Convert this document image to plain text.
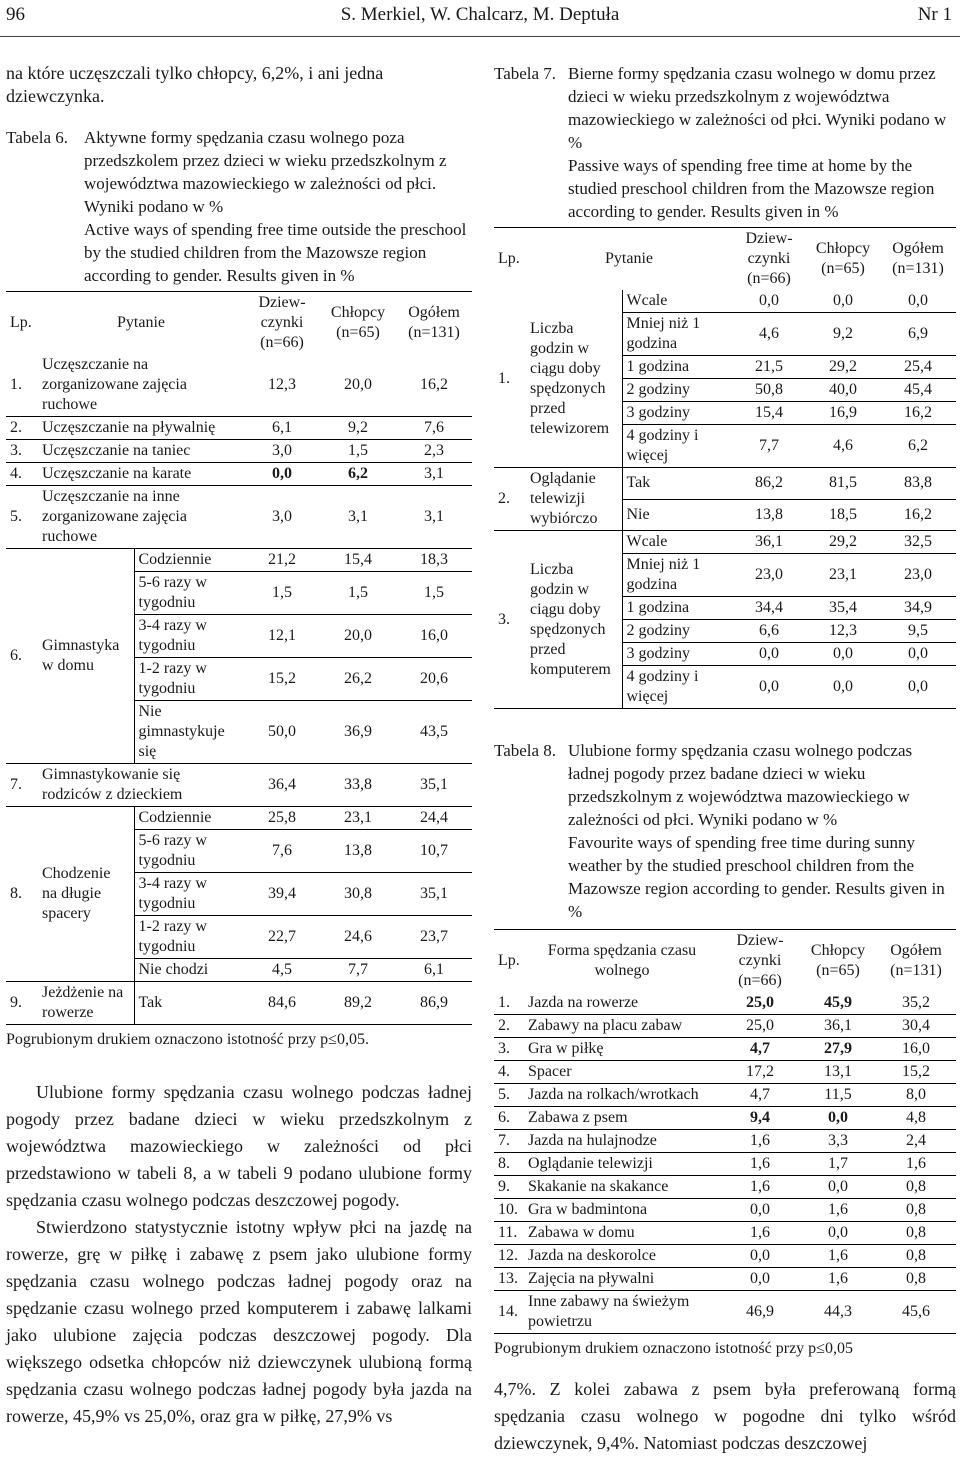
96	S. Merkiel, W. Chalcarz, M. Deptuła	Nr 1

na które uczęszczali tylko chłopcy, 6,2%, i ani jedna dziewczynka.

Tabela 6. Aktywne formy spędzania czasu wolnego poza przedszkolem przez dzieci w wieku przedszkolnym z województwa mazowieckiego w zależności od płci. Wyniki podano w %
Active ways of spending free time outside the preschool by the studied children from the Mazowsze region according to gender. Results given in %
Lp.	Pytanie		Dziew-czynki (n=66)	Chłopcy (n=65)	Ogółem (n=131)
1.	Uczęszczanie na zorganizowane zajęcia ruchowe		12,3	20,0	16,2
2.	Uczęszczanie na pływalnię		6,1	9,2	7,6
3.	Uczęszczanie na taniec		3,0	1,5	2,3
4.	Uczęszczanie na karate		0,0	6,2	3,1
5.	Uczęszczanie na inne zorganizowane zajęcia ruchowe		3,0	3,1	3,1
6.	Gimnastyka w domu	Codziennie	21,2	15,4	18,3
		5-6 razy w tygodniu	1,5	1,5	1,5
		3-4 razy w tygodniu	12,1	20,0	16,0
		1-2 razy w tygodniu	15,2	26,2	20,6
		Nie gimnastykuje się	50,0	36,9	43,5
7.	Gimnastykowanie się rodziców z dzieckiem		36,4	33,8	35,1
8.	Chodzenie na długie spacery	Codziennie	25,8	23,1	24,4
		5-6 razy w tygodniu	7,6	13,8	10,7
		3-4 razy w tygodniu	39,4	30,8	35,1
		1-2 razy w tygodniu	22,7	24,6	23,7
		Nie chodzi	4,5	7,7	6,1
9.	Jeżdżenie na rowerze	Tak	84,6	89,2	86,9

Pogrubionym drukiem oznaczono istotność przy p≤0,05.

Ulubione formy spędzania czasu wolnego podczas ładnej pogody przez badane dzieci w wieku przedszkolnym z województwa mazowieckiego w zależności od płci przedstawiono w tabeli 8, a w tabeli 9 podano ulubione formy spędzania czasu wolnego podczas deszczowej pogody.

Stwierdzono statystycznie istotny wpływ płci na jazdę na rowerze, grę w piłkę i zabawę z psem jako ulubione formy spędzania czasu wolnego podczas ładnej pogody oraz na spędzanie czasu wolnego przed komputerem i zabawę lalkami jako ulubione zajęcia podczas deszczowej pogody. Dla większego odsetka chłopców niż dziewczynek ulubioną formą spędzania czasu wolnego podczas ładnej pogody była jazda na rowerze, 45,9% vs 25,0%, oraz gra w piłkę, 27,9% vs

Tabela 7. Bierne formy spędzania czasu wolnego w domu przez dzieci w wieku przedszkolnym z województwa mazowieckiego w zależności od płci. Wyniki podano w %
Passive ways of spending free time at home by the studied preschool children from the Mazowsze region according to gender. Results given in %
Lp.	Pytanie		Dziew-czynki (n=66)	Chłopcy (n=65)	Ogółem (n=131)
1.	Liczba godzin w ciągu doby spędzonych przed telewizorem	Wcale	0,0	0,0	0,0
		Mniej niż 1 godzina	4,6	9,2	6,9
		1 godzina	21,5	29,2	25,4
		2 godziny	50,8	40,0	45,4
		3 godziny	15,4	16,9	16,2
		4 godziny i więcej	7,7	4,6	6,2
2.	Oglądanie telewizji wybiórczo	Tak	86,2	81,5	83,8
		Nie	13,8	18,5	16,2
3.	Liczba godzin w ciągu doby spędzonych przed komputerem	Wcale	36,1	29,2	32,5
		Mniej niż 1 godzina	23,0	23,1	23,0
		1 godzina	34,4	35,4	34,9
		2 godziny	6,6	12,3	9,5
		3 godziny	0,0	0,0	0,0
		4 godziny i więcej	0,0	0,0	0,0
Tabela 8. Ulubione formy spędzania czasu wolnego podczas ładnej pogody przez badane dzieci w wieku przedszkolnym z województwa mazowieckiego w zależności od płci. Wyniki podano w %
Favourite ways of spending free time during sunny weather by the studied preschool children from the Mazowsze region according to gender. Results given in %
Lp.	Forma spędzania czasu wolnego	Dziew-czynki (n=66)	Chłopcy (n=65)	Ogółem (n=131)
1.	Jazda na rowerze	25,0	45,9	35,2
2.	Zabawy na placu zabaw	25,0	36,1	30,4
3.	Gra w piłkę	4,7	27,9	16,0
4.	Spacer	17,2	13,1	15,2
5.	Jazda na rolkach/wrotkach	4,7	11,5	8,0
6.	Zabawa z psem	9,4	0,0	4,8
7.	Jazda na hulajnodze	1,6	3,3	2,4
8.	Oglądanie telewizji	1,6	1,7	1,6
9.	Skakanie na skakance	1,6	0,0	0,8
10.	Gra w badmintona	0,0	1,6	0,8
11.	Zabawa w domu	1,6	0,0	0,8
12.	Jazda na deskorolce	0,0	1,6	0,8
13.	Zajęcia na pływalni	0,0	1,6	0,8
14.	Inne zabawy na świeżym powietrzu	46,9	44,3	45,6

Pogrubionym drukiem oznaczono istotność przy p≤0,05

4,7%. Z kolei zabawa z psem była preferowaną formą spędzania czasu wolnego w pogodne dni tylko wśród dziewczynek, 9,4%. Natomiast podczas deszczowej
